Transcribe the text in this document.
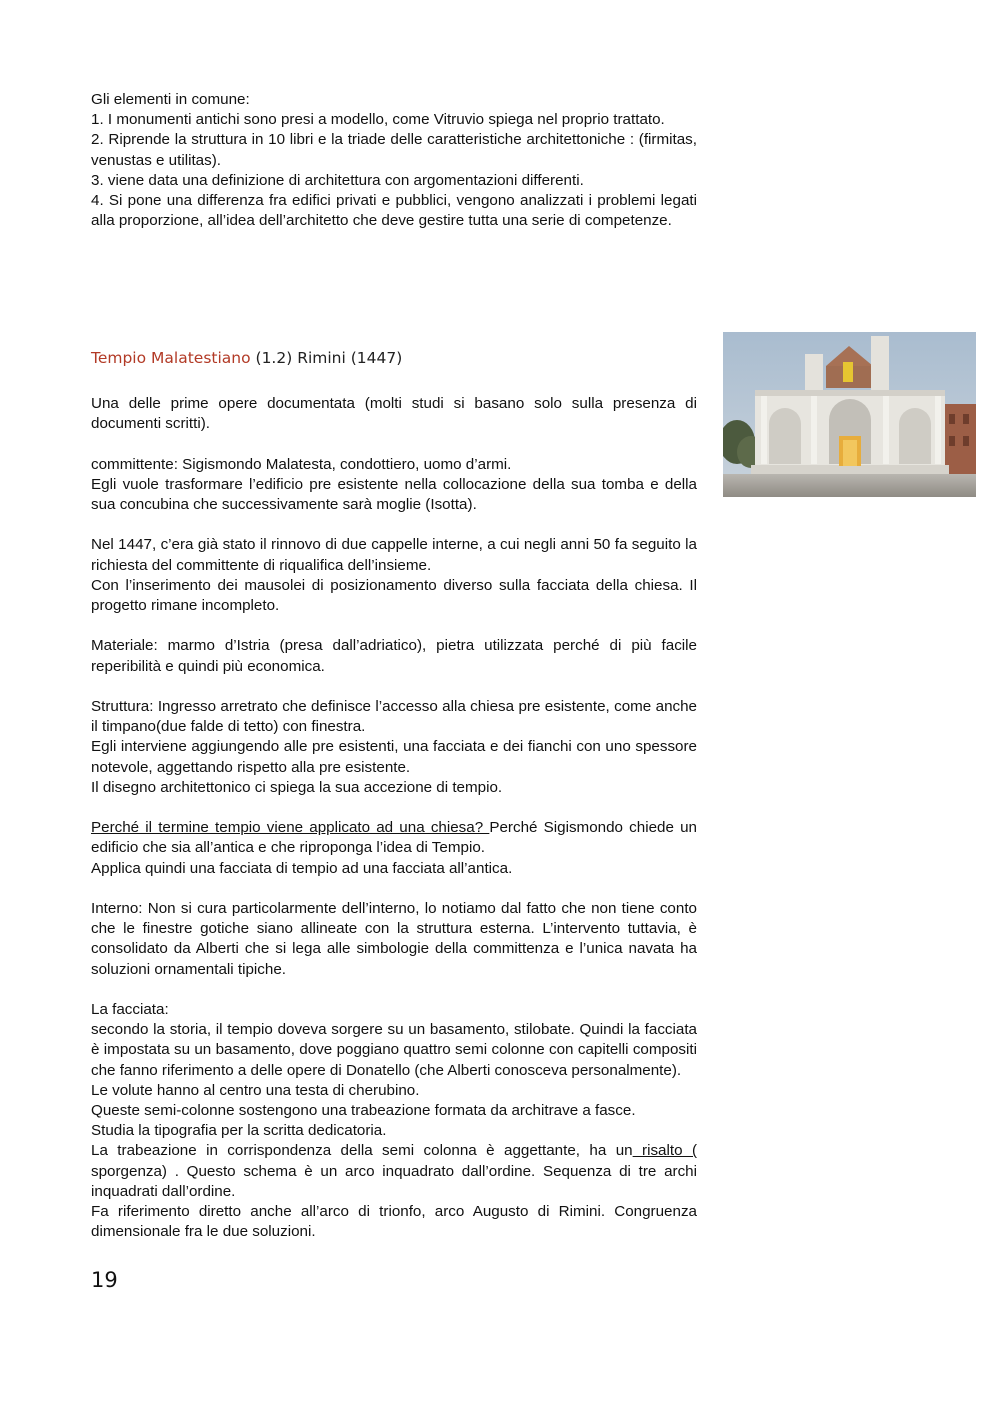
Gli elementi in comune:

1. I monumenti antichi sono presi a modello, come Vitruvio spiega nel proprio trattato.

2. Riprende la struttura in 10 libri e la triade delle caratteristiche architettoniche : (firmitas, venustas e utilitas).

3. viene data una definizione di architettura con argomentazioni differenti.

4. Si pone una differenza fra edifici privati e pubblici, vengono analizzati i problemi legati alla proporzione, all’idea dell’architetto che deve gestire tutta una serie di competenze.

Tempio Malatestiano (1.2) Rimini (1447)

Una delle prime opere documentata (molti studi si basano solo sulla presenza di documenti scritti).

committente: Sigismondo Malatesta, condottiero, uomo d’armi.

Egli vuole trasformare l’edificio pre esistente nella collocazione della sua tomba e della sua concubina che successivamente sarà moglie (Isotta).

Nel 1447, c’era già stato il rinnovo di due cappelle interne, a cui negli anni 50 fa seguito la richiesta del committente di riqualifica dell’insieme.

Con l’inserimento dei mausolei di posizionamento diverso sulla facciata della chiesa. Il progetto rimane incompleto.

Materiale: marmo d’Istria (presa dall’adriatico), pietra utilizzata perché di più facile reperibilità e quindi più economica.

Struttura: Ingresso arretrato che definisce l’accesso alla chiesa pre esistente, come anche il timpano(due falde di tetto) con finestra.

Egli interviene aggiungendo alle pre esistenti, una facciata e dei fianchi con uno spessore notevole, aggettando rispetto alla pre esistente.

Il disegno architettonico ci spiega la sua accezione di tempio.

Perché il termine tempio viene applicato ad una chiesa? Perché Sigismondo chiede un edificio che sia all’antica e che riproponga l’idea di Tempio.

Applica quindi una facciata di tempio ad una facciata all’antica.

Interno: Non si cura particolarmente dell’interno, lo notiamo dal fatto che non tiene conto che le finestre gotiche siano allineate con la struttura esterna. L’intervento tuttavia, è consolidato da Alberti che si lega alle simbologie della committenza e l’unica navata ha soluzioni ornamentali tipiche.

La facciata:

secondo la storia, il tempio doveva sorgere su un basamento, stilobate. Quindi la facciata è impostata su un basamento, dove poggiano quattro semi colonne con capitelli compositi che fanno riferimento a delle opere di Donatello (che Alberti conosceva personalmente).

Le volute hanno al centro una testa di cherubino.

Queste semi-colonne sostengono una trabeazione formata da architrave a fasce.

Studia la tipografia per la scritta dedicatoria.

La trabeazione in corrispondenza della semi colonna è aggettante, ha un risalto ( sporgenza) . Questo schema è un arco inquadrato dall’ordine. Sequenza di tre archi inquadrati dall’ordine.

Fa riferimento diretto anche all’arco di trionfo, arco Augusto di Rimini. Congruenza dimensionale fra le due soluzioni.

19
